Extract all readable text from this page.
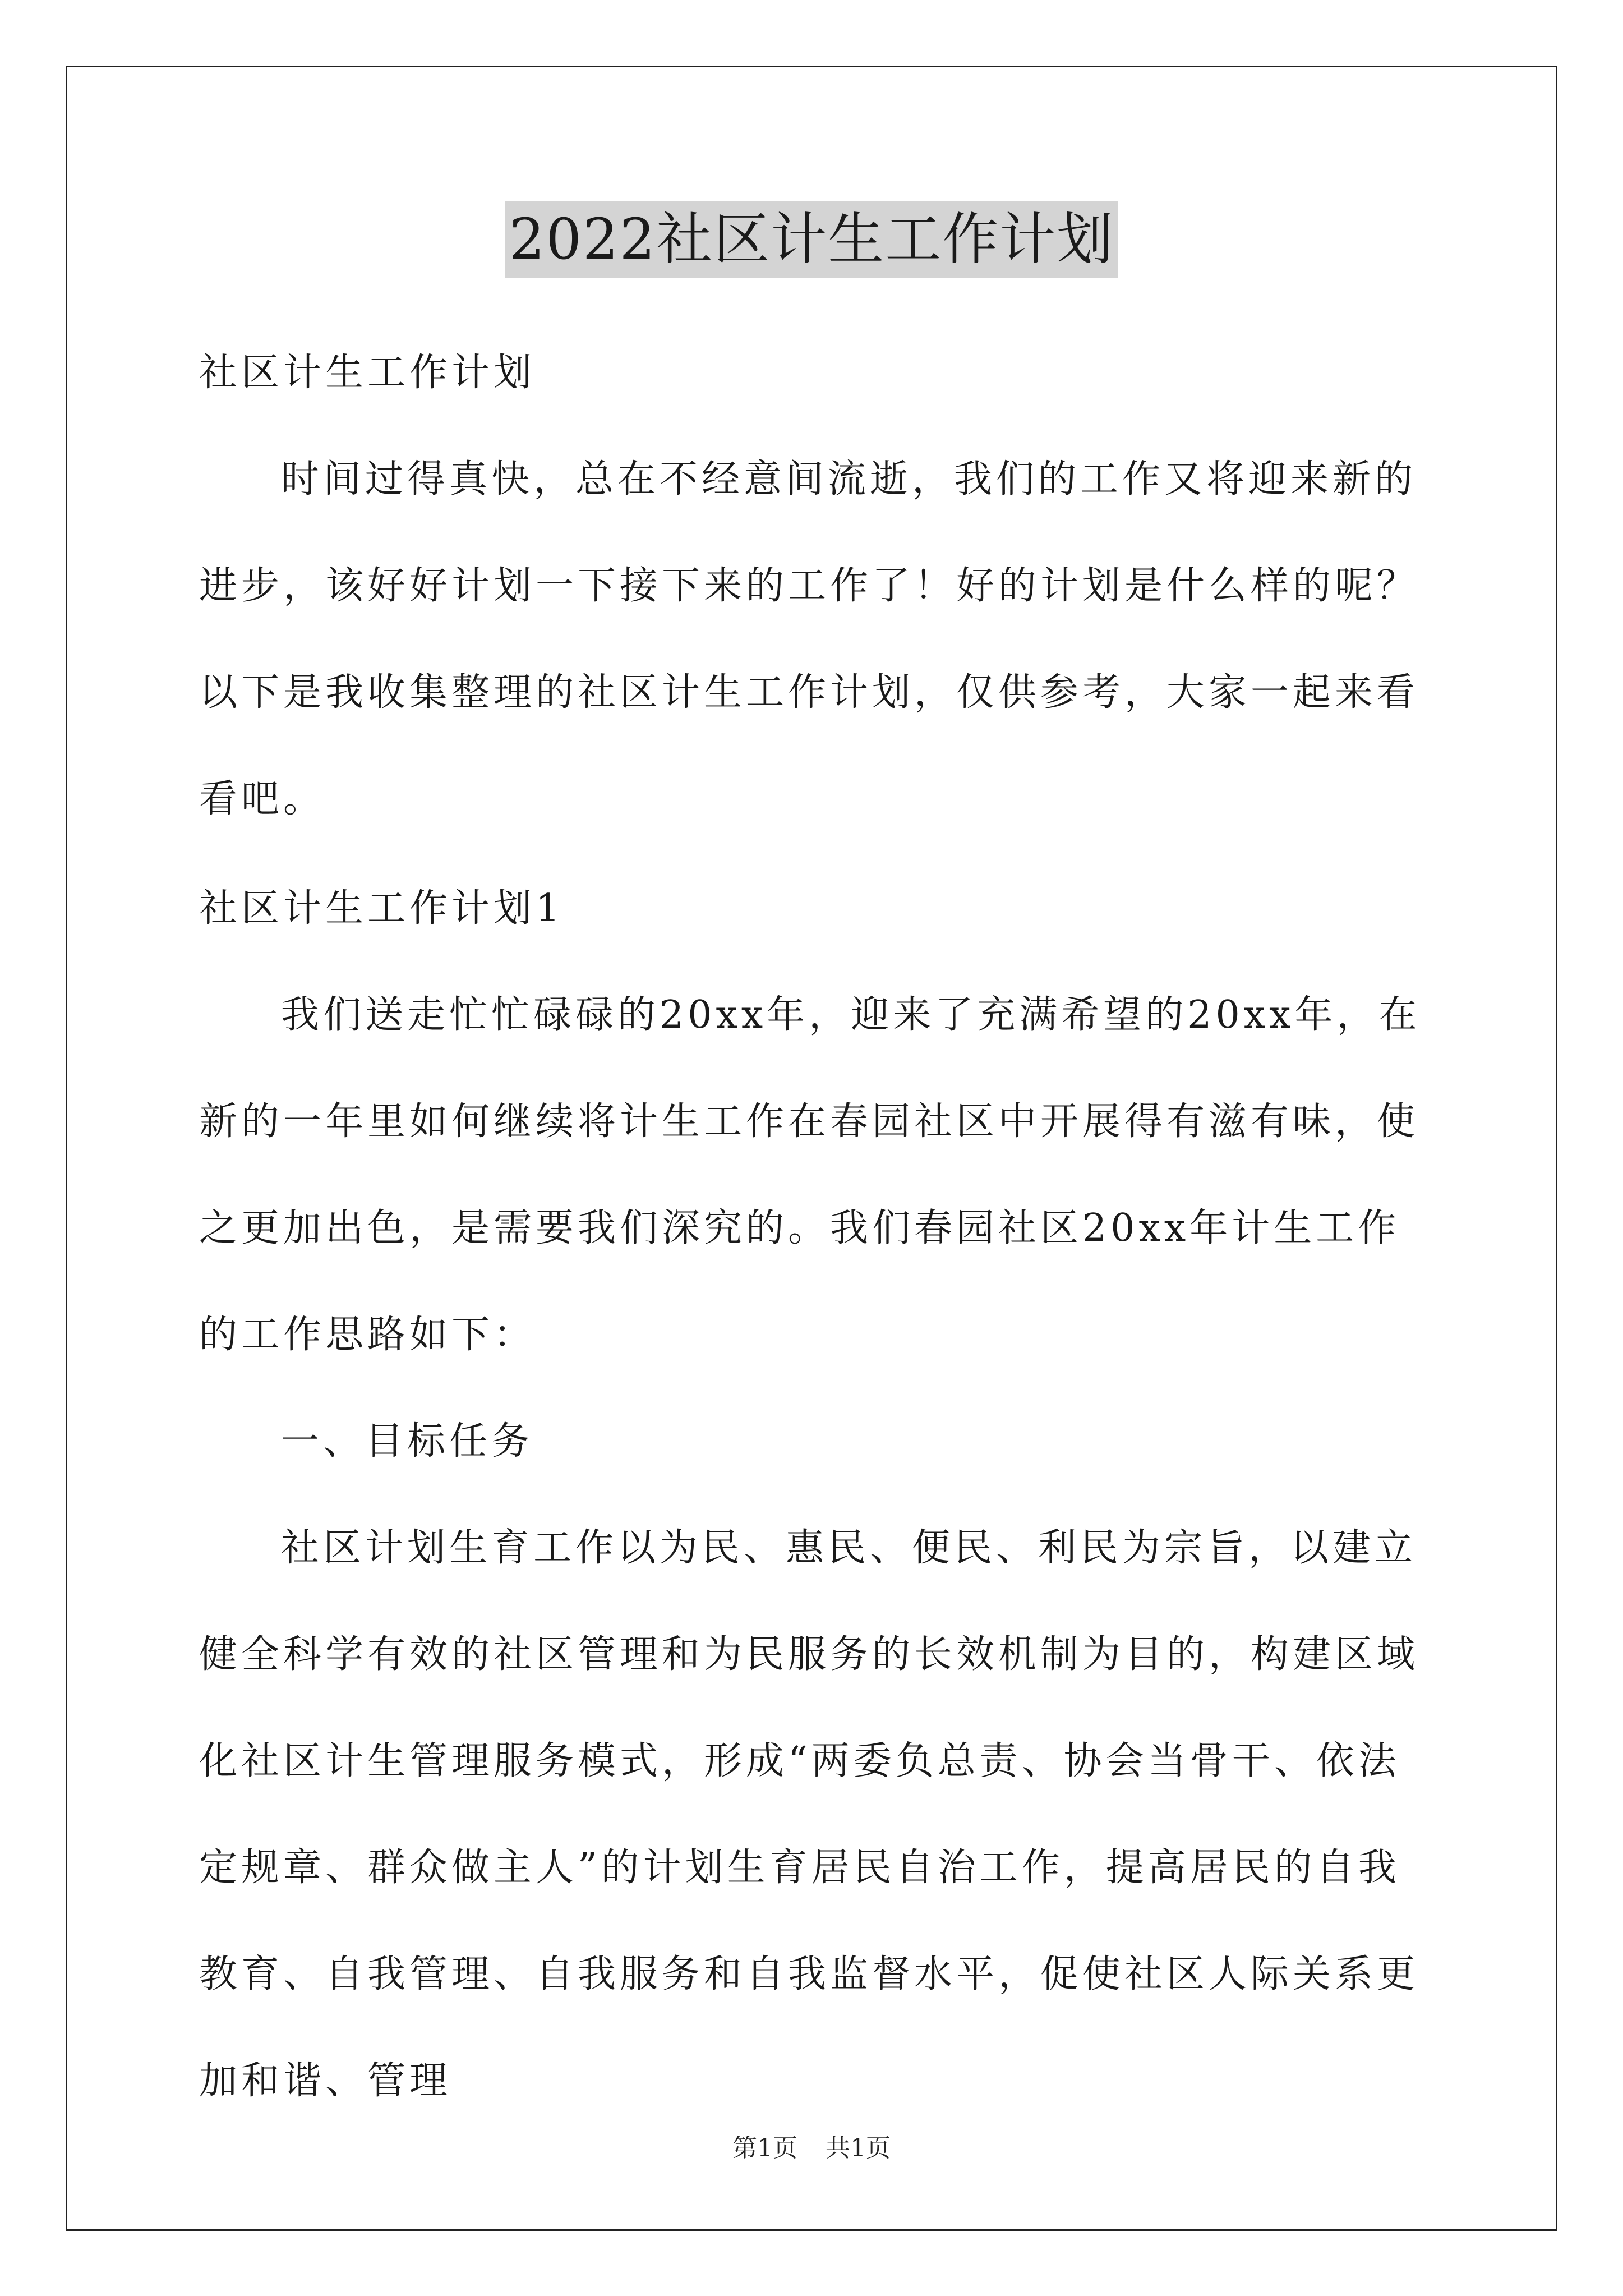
2022社区计生工作计划

社区计生工作计划

时间过得真快，总在不经意间流逝，我们的工作又将迎来新的进步，该好好计划一下接下来的工作了！好的计划是什么样的呢？以下是我收集整理的社区计生工作计划，仅供参考，大家一起来看看吧。

社区计生工作计划1

我们送走忙忙碌碌的20xx年，迎来了充满希望的20xx年，在新的一年里如何继续将计生工作在春园社区中开展得有滋有味，使之更加出色，是需要我们深究的。我们春园社区20xx年计生工作的工作思路如下：

一、目标任务

社区计划生育工作以为民、惠民、便民、利民为宗旨，以建立健全科学有效的社区管理和为民服务的长效机制为目的，构建区域化社区计生管理服务模式，形成“两委负总责、协会当骨干、依法定规章、群众做主人”的计划生育居民自治工作，提高居民的自我教育、自我管理、自我服务和自我监督水平，促使社区人际关系更加和谐、管理

第1页 共1页
